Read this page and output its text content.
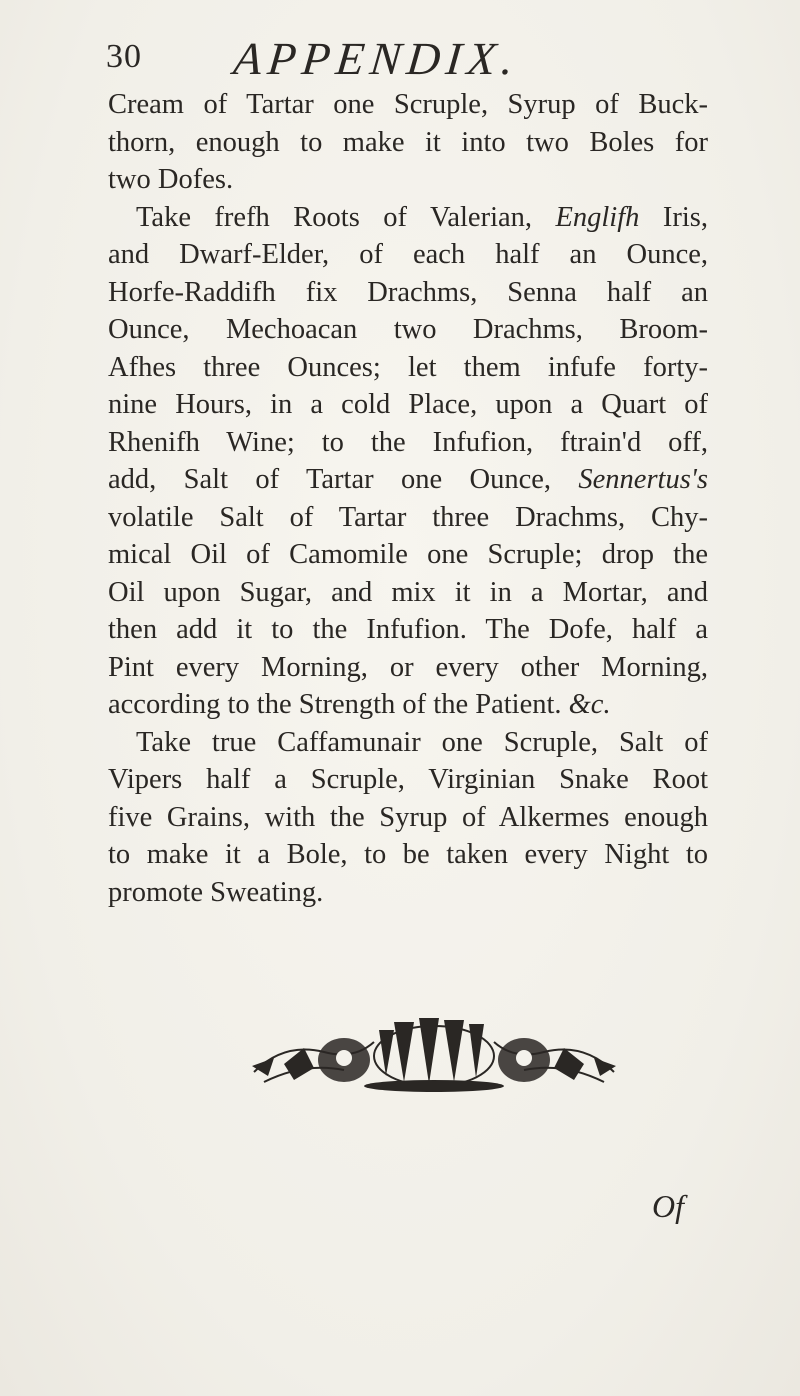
30 APPENDIX.
Cream of Tartar one Scruple, Syrup of Buck-
thorn, enough to make it into two Boles for
two Dofes.
Take frefh Roots of Valerian, Englifh Iris,
and Dwarf-Elder, of each half an Ounce,
Horfe-Raddifh fix Drachms, Senna half an
Ounce, Mechoacan two Drachms, Broom-
Afhes three Ounces; let them infufe forty-
nine Hours, in a cold Place, upon a Quart of
Rhenifh Wine; to the Infufion, ftrain'd off,
add, Salt of Tartar one Ounce, Sennertus's
volatile Salt of Tartar three Drachms, Chy-
mical Oil of Camomile one Scruple; drop the
Oil upon Sugar, and mix it in a Mortar, and
then add it to the Infufion. The Dofe, half a
Pint every Morning, or every other Morning,
according to the Strength of the Patient. &c.
Take true Caffamunair one Scruple, Salt of
Vipers half a Scruple, Virginian Snake Root
five Grains, with the Syrup of Alkermes enough
to make it a Bole, to be taken every Night to
promote Sweating.
Of
